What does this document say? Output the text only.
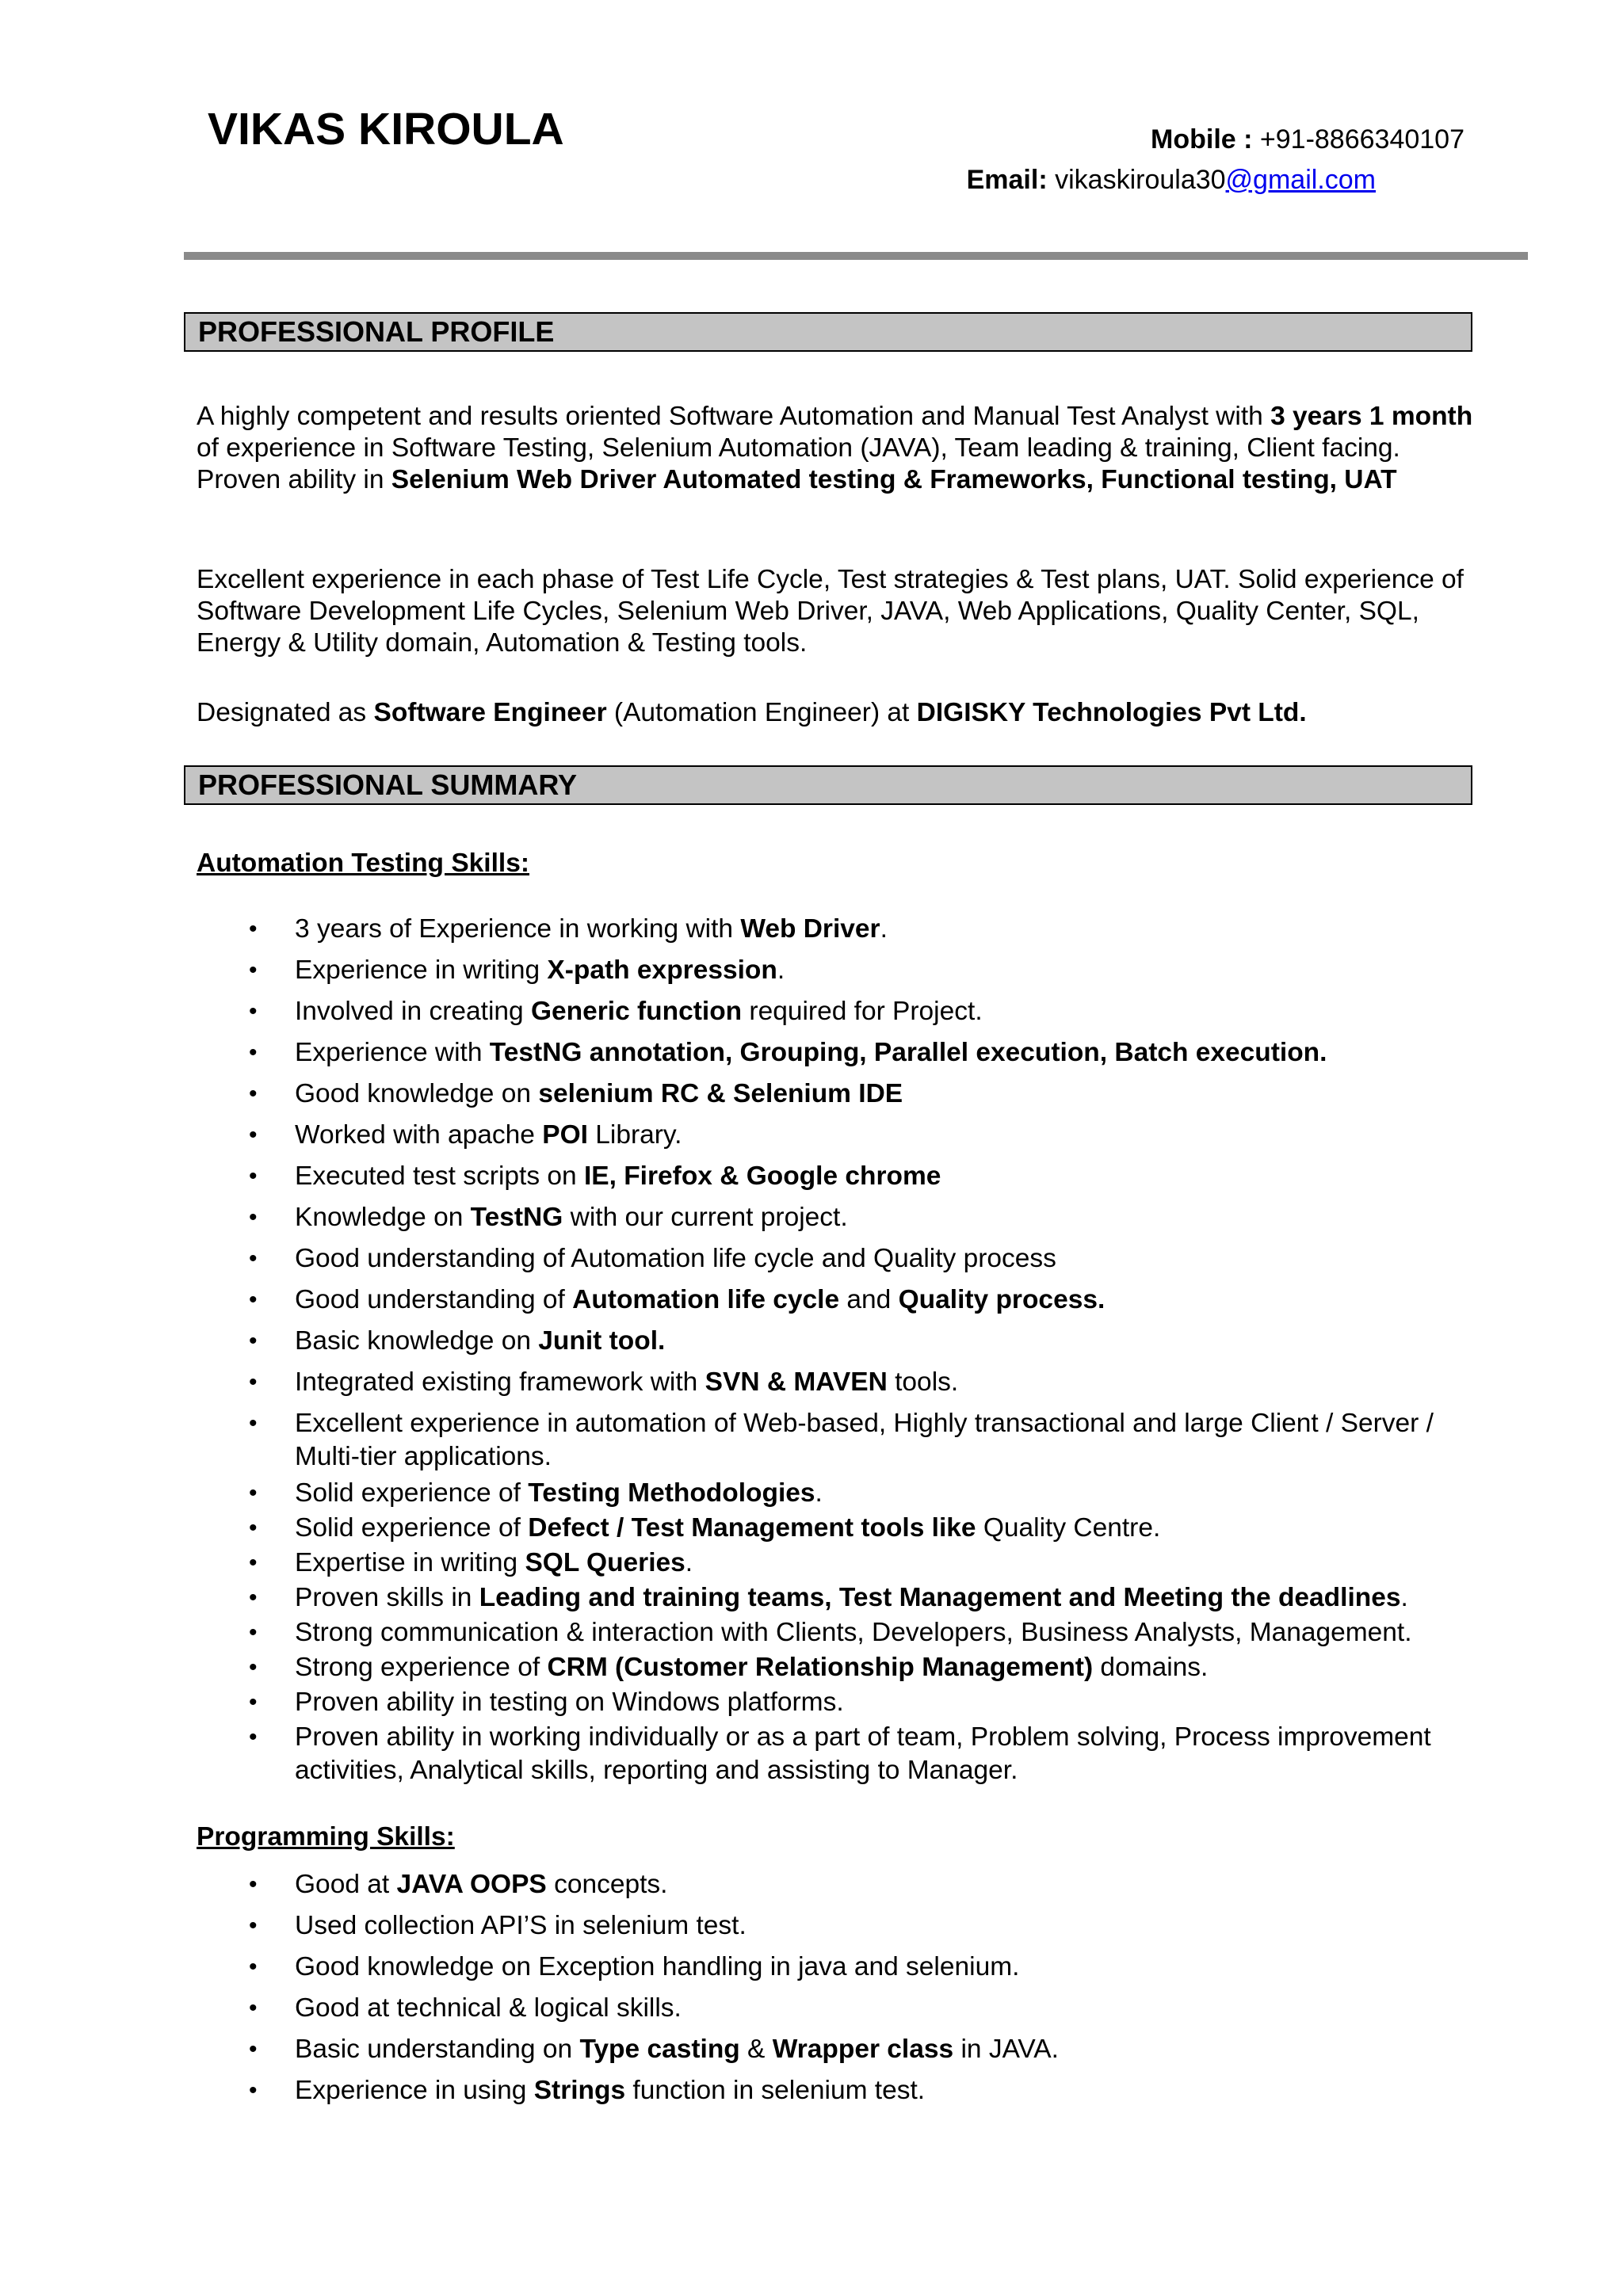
VIKAS KIROULA	Mobile : +91-8866340107
Email: vikaskiroula30@gmail.com
PROFESSIONAL PROFILE
A highly competent and results oriented Software Automation and Manual Test Analyst with 3 years 1 month of experience in Software Testing, Selenium Automation (JAVA), Team leading & training, Client facing. Proven ability in Selenium Web Driver Automated testing & Frameworks, Functional testing, UAT
Excellent experience in each phase of Test Life Cycle, Test strategies & Test plans, UAT. Solid experience of Software Development Life Cycles, Selenium Web Driver, JAVA, Web Applications, Quality Center, SQL, Energy & Utility domain, Automation & Testing tools.
Designated as Software Engineer (Automation Engineer) at DIGISKY Technologies Pvt Ltd.
PROFESSIONAL SUMMARY
Automation Testing Skills:
• 3 years of Experience in working with Web Driver.
• Experience in writing X-path expression.
• Involved in creating Generic function required for Project.
• Experience with TestNG annotation, Grouping, Parallel execution, Batch execution.
• Good knowledge on selenium RC & Selenium IDE
• Worked with apache POI Library.
• Executed test scripts on IE, Firefox & Google chrome
• Knowledge on TestNG with our current project.
• Good understanding of Automation life cycle and Quality process
• Good understanding of Automation life cycle and Quality process.
• Basic knowledge on Junit tool.
• Integrated existing framework with SVN & MAVEN tools.
• Excellent experience in automation of Web-based, Highly transactional and large Client / Server / Multi-tier applications.
• Solid experience of Testing Methodologies.
• Solid experience of Defect / Test Management tools like Quality Centre.
• Expertise in writing SQL Queries.
• Proven skills in Leading and training teams, Test Management and Meeting the deadlines.
• Strong communication & interaction with Clients, Developers, Business Analysts, Management.
• Strong experience of CRM (Customer Relationship Management) domains.
• Proven ability in testing on Windows platforms.
• Proven ability in working individually or as a part of team, Problem solving, Process improvement activities, Analytical skills, reporting and assisting to Manager.
Programming Skills:
• Good at JAVA OOPS concepts.
• Used collection API’S in selenium test.
• Good knowledge on Exception handling in java and selenium.
• Good at technical & logical skills.
• Basic understanding on Type casting & Wrapper class in JAVA.
• Experience in using Strings function in selenium test.
